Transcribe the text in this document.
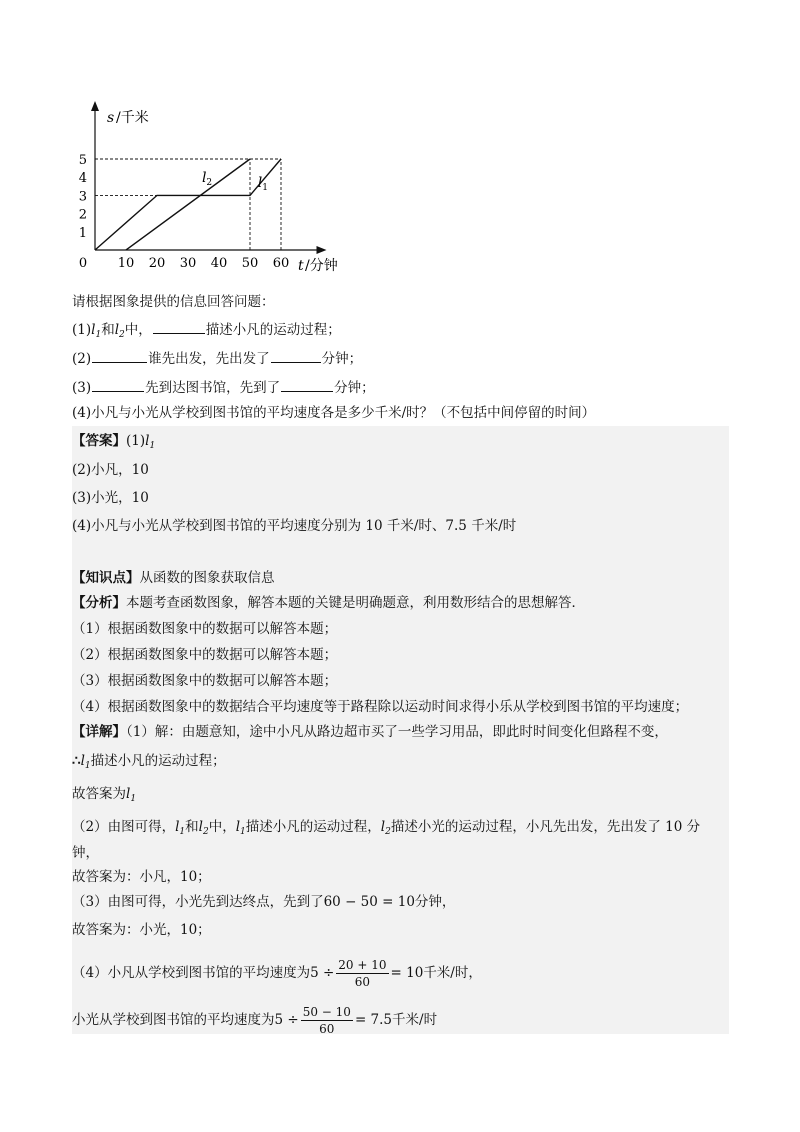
$l_1$
$l_2$
0 10 20 30 40 50 60
1
2
3
4
5
s /千米
t /分钟
请根据图象提供的信息回答问题：
$(1)l_1$和$l_2$中，	描述小凡的运动过程；
(2)	谁先出发，先出发了	分钟；
(3)	先到达图书馆，先到了	分钟；
(4)小凡与小光从学校到图书馆的平均速度各是多少千米/时？（不包括中间停留的时间）
【答案】$(1)l_1$
(2)小凡，10
(3)小光，10
(4)小凡与小光从学校到图书馆的平均速度分别为 10 千米/时、7.5 千米/时
【知识点】从函数的图象获取信息
【分析】本题考查函数图象，解答本题的关键是明确题意，利用数形结合的思想解答．
（1）根据函数图象中的数据可以解答本题；
（2）根据函数图象中的数据可以解答本题；
（3）根据函数图象中的数据可以解答本题；
（4）根据函数图象中的数据结合平均速度等于路程除以运动时间求得小乐从学校到图书馆的平均速度；
【详解】（1）解：由题意知，途中小凡从路边超市买了一些学习用品，即此时时间变化但路程不变，
$\therefore l_1$描述小凡的运动过程；
故答案为$l_1$
（2）由图可得，$l_1$和$l_2$中，$l_1$描述小凡的运动过程，$l_2$描述小光的运动过程，小凡先出发，先出发了 10 分
钟，
故答案为：小凡，10；
（3）由图可得，小光先到达终点，先到了60 − 50 = 10分钟，
故答案为：小光，10；
（4）小凡从学校到图书馆的平均速度为$5 \div \frac{20 + 10}{60} = 10$千米/时，
小光从学校到图书馆的平均速度为$5 \div \frac{50 - 10}{60} = 7.5$千米/时
